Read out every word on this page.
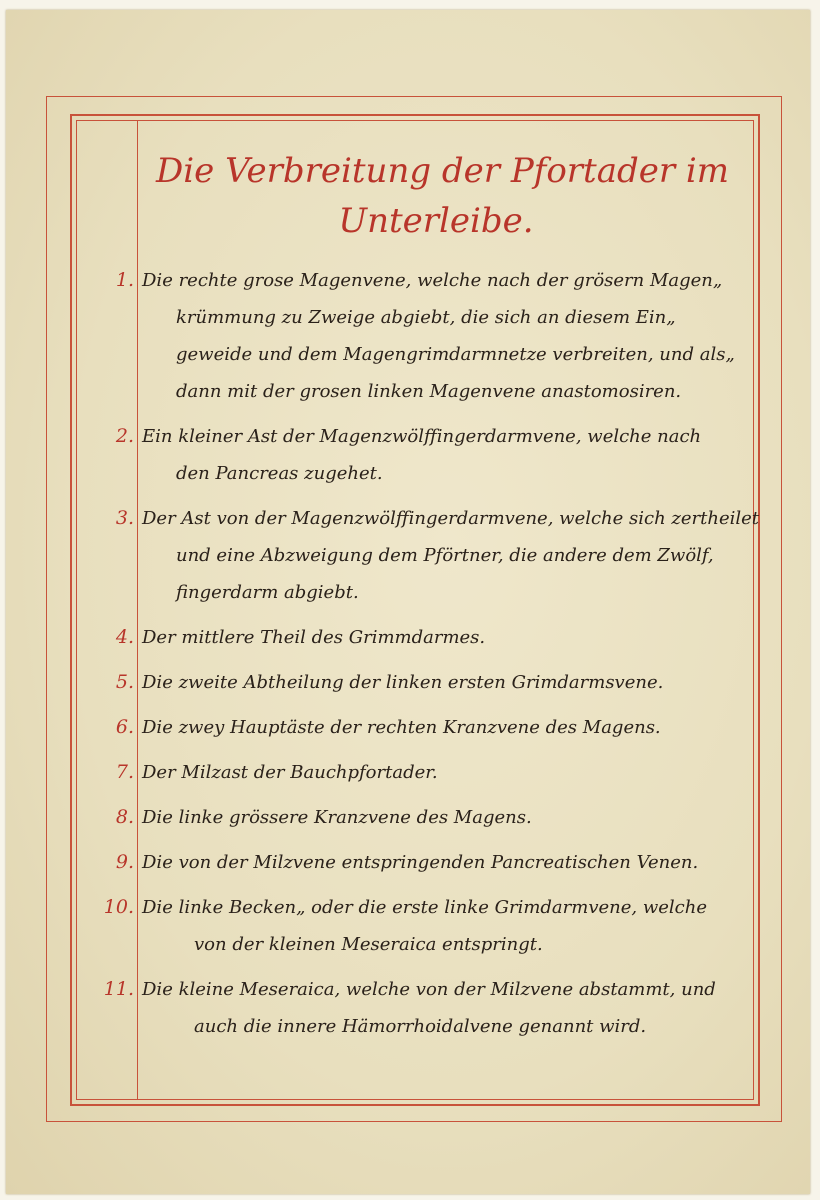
Die Verbreitung der Pfortader im
Unterleibe.
1. Die rechte grose Magenvene, welche nach der grösern Magen„
krümmung zu Zweige abgiebt, die sich an diesem Ein„
geweide und dem Magengrimdarmnetze verbreiten, und als„
dann mit der grosen linken Magenvene anastomosiren.
2. Ein kleiner Ast der Magenzwölffingerdarmvene, welche nach
den Pancreas zugehet.
3. Der Ast von der Magenzwölffingerdarmvene, welche sich zertheilet
und eine Abzweigung dem Pförtner, die andere dem Zwölf,
fingerdarm abgiebt.
4. Der mittlere Theil des Grimmdarmes.
5. Die zweite Abtheilung der linken ersten Grimdarmsvene.
6. Die zwey Hauptäste der rechten Kranzvene des Magens.
7. Der Milzast der Bauchpfortader.
8. Die linke grössere Kranzvene des Magens.
9. Die von der Milzvene entspringenden Pancreatischen Venen.
10. Die linke Becken„ oder die erste linke Grimdarmvene, welche
von der kleinen Meseraica entspringt.
11. Die kleine Meseraica, welche von der Milzvene abstammt, und
auch die innere Hämorrhoidalvene genannt wird.
